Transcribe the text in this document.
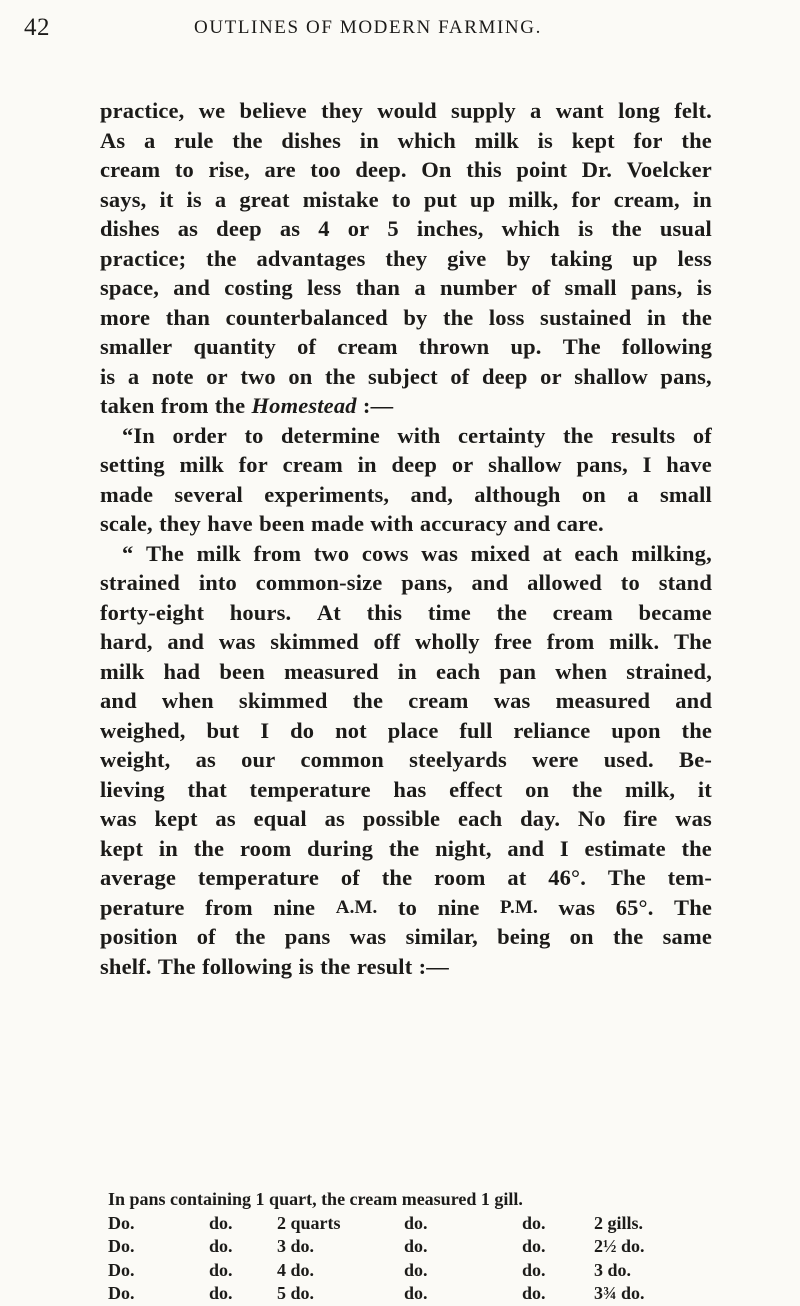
42	OUTLINES OF MODERN FARMING.
practice, we believe they would supply a want long felt.
As a rule the dishes in which milk is kept for the
cream to rise, are too deep. On this point Dr. Voelcker
says, it is a great mistake to put up milk, for cream, in
dishes as deep as 4 or 5 inches, which is the usual
practice; the advantages they give by taking up less
space, and costing less than a number of small pans, is
more than counterbalanced by the loss sustained in the
smaller quantity of cream thrown up. The following
is a note or two on the subject of deep or shallow pans,
taken from the Homestead :—
“In order to determine with certainty the results of
setting milk for cream in deep or shallow pans, I have
made several experiments, and, although on a small
scale, they have been made with accuracy and care.
“ The milk from two cows was mixed at each milking,
strained into common-size pans, and allowed to stand
forty-eight hours. At this time the cream became
hard, and was skimmed off wholly free from milk. The
milk had been measured in each pan when strained,
and when skimmed the cream was measured and
weighed, but I do not place full reliance upon the
weight, as our common steelyards were used. Be-
lieving that temperature has effect on the milk, it
was kept as equal as possible each day. No fire was
kept in the room during the night, and I estimate the
average temperature of the room at 46°. The tem-
perature from nine A.M. to nine P.M. was 65°. The
position of the pans was similar, being on the same
shelf. The following is the result :—
In pans containing 1 quart, the cream measured 1 gill.
Do.	do. 2 quarts	do.	do.	2 gills.
Do.	do. 3 do.	do.	do.	2½ do.
Do.	do. 4 do.	do.	do.	3 do.
Do.	do. 5 do.	do.	do.	3¾ do.
